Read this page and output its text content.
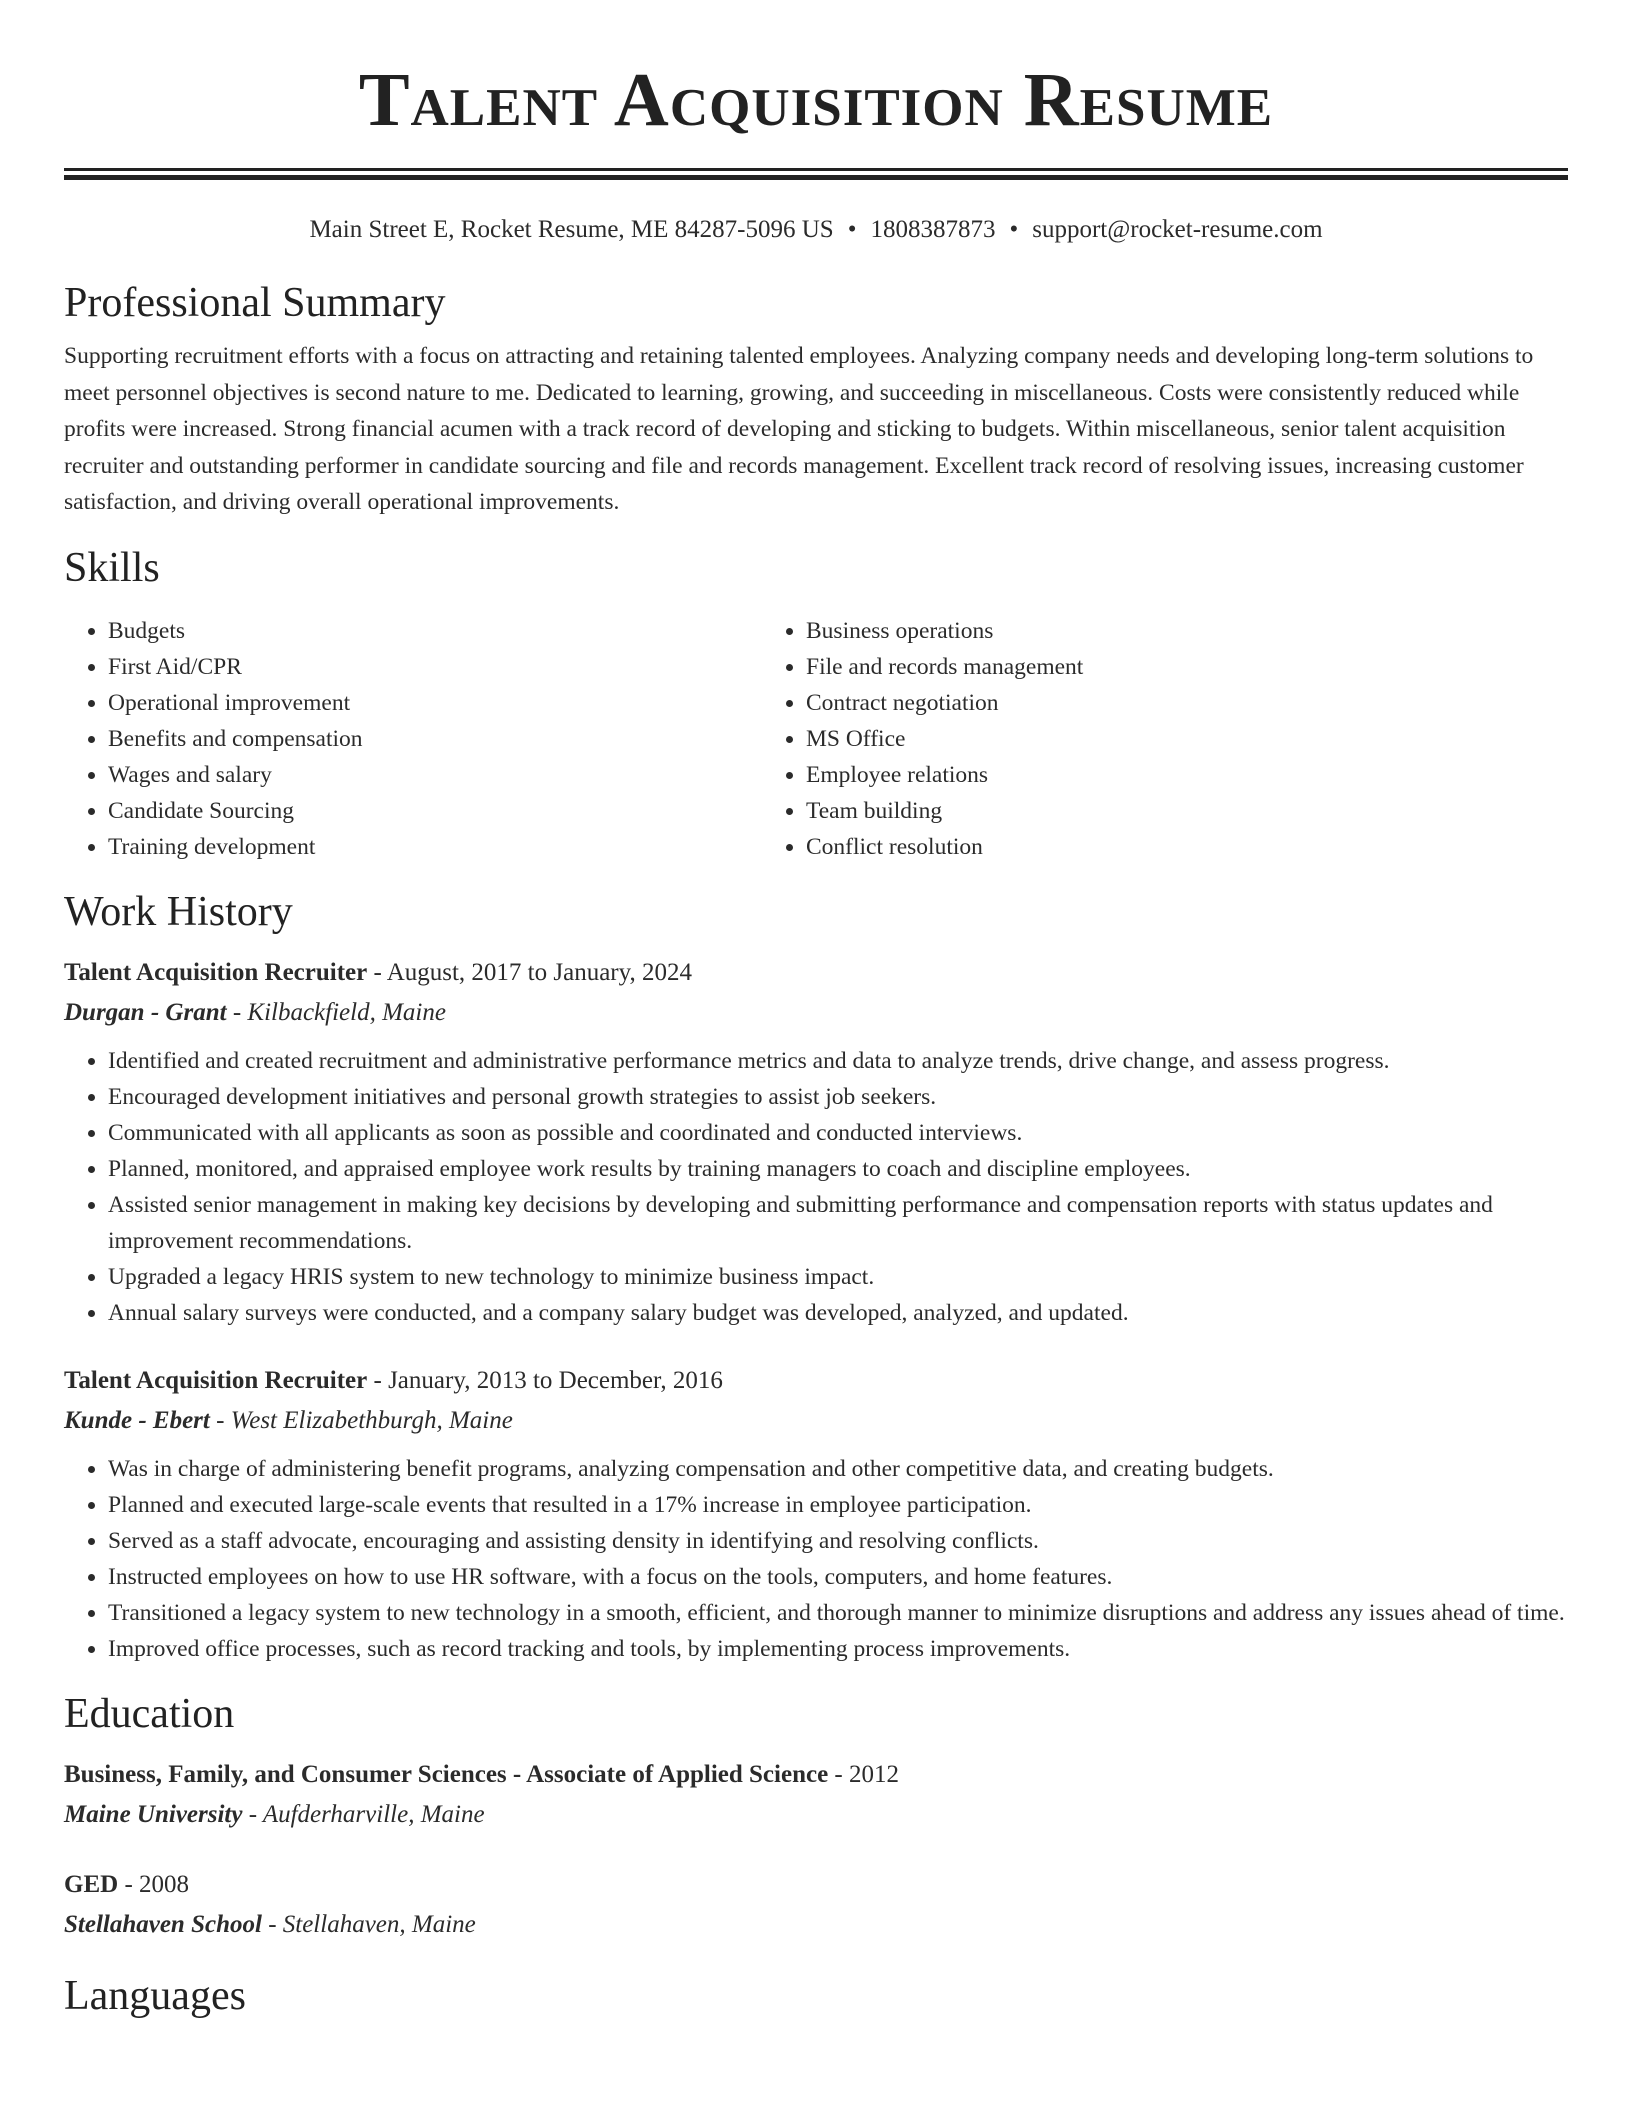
Talent Acquisition Resume
Main Street E, Rocket Resume, ME 84287-5096 US • 1808387873 • support@rocket-resume.com
Professional Summary

Supporting recruitment efforts with a focus on attracting and retaining talented employees. Analyzing company needs and developing long-term solutions to meet personnel objectives is second nature to me. Dedicated to learning, growing, and succeeding in miscellaneous. Costs were consistently reduced while profits were increased. Strong financial acumen with a track record of developing and sticking to budgets. Within miscellaneous, senior talent acquisition recruiter and outstanding performer in candidate sourcing and file and records management. Excellent track record of resolving issues, increasing customer satisfaction, and driving overall operational improvements.

Skills
• Budgets
• First Aid/CPR
• Operational improvement
• Benefits and compensation
• Wages and salary
• Candidate Sourcing
• Training development
• Business operations
• File and records management
• Contract negotiation
• MS Office
• Employee relations
• Team building
• Conflict resolution
Work History
Talent Acquisition Recruiter - August, 2017 to January, 2024
Durgan - Grant - Kilbackfield, Maine
• Identified and created recruitment and administrative performance metrics and data to analyze trends, drive change, and assess progress.
• Encouraged development initiatives and personal growth strategies to assist job seekers.
• Communicated with all applicants as soon as possible and coordinated and conducted interviews.
• Planned, monitored, and appraised employee work results by training managers to coach and discipline employees.
• Assisted senior management in making key decisions by developing and submitting performance and compensation reports with status updates and improvement recommendations.
• Upgraded a legacy HRIS system to new technology to minimize business impact.
• Annual salary surveys were conducted, and a company salary budget was developed, analyzed, and updated.
Talent Acquisition Recruiter - January, 2013 to December, 2016
Kunde - Ebert - West Elizabethburgh, Maine
• Was in charge of administering benefit programs, analyzing compensation and other competitive data, and creating budgets.
• Planned and executed large-scale events that resulted in a 17% increase in employee participation.
• Served as a staff advocate, encouraging and assisting density in identifying and resolving conflicts.
• Instructed employees on how to use HR software, with a focus on the tools, computers, and home features.
• Transitioned a legacy system to new technology in a smooth, efficient, and thorough manner to minimize disruptions and address any issues ahead of time.
• Improved office processes, such as record tracking and tools, by implementing process improvements.
Education
Business, Family, and Consumer Sciences - Associate of Applied Science - 2012
Maine University - Aufderharville, Maine
GED - 2008
Stellahaven School - Stellahaven, Maine
Languages
